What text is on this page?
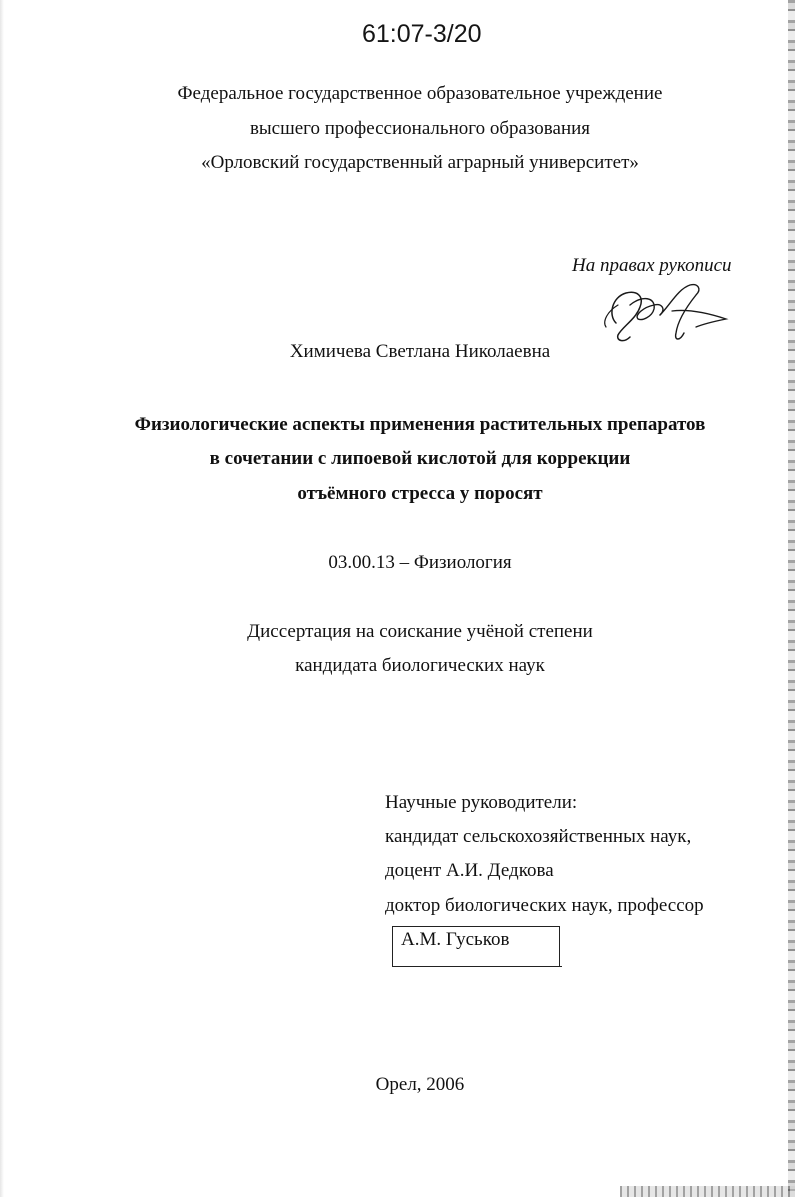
61:07-3/20
Федеральное государственное образовательное учреждение
высшего профессионального образования
«Орловский государственный аграрный университет»
На правах рукописи
Химичева Светлана Николаевна
Физиологические аспекты применения растительных препаратов
в сочетании с липоевой кислотой для коррекции
отъёмного стресса у поросят
03.00.13 – Физиология
Диссертация на соискание учёной степени
кандидата биологических наук
Научные руководители:
кандидат сельскохозяйственных наук,
доцент А.И. Дедкова
доктор биологических наук, профессор
А.М. Гуськов
Орел, 2006
